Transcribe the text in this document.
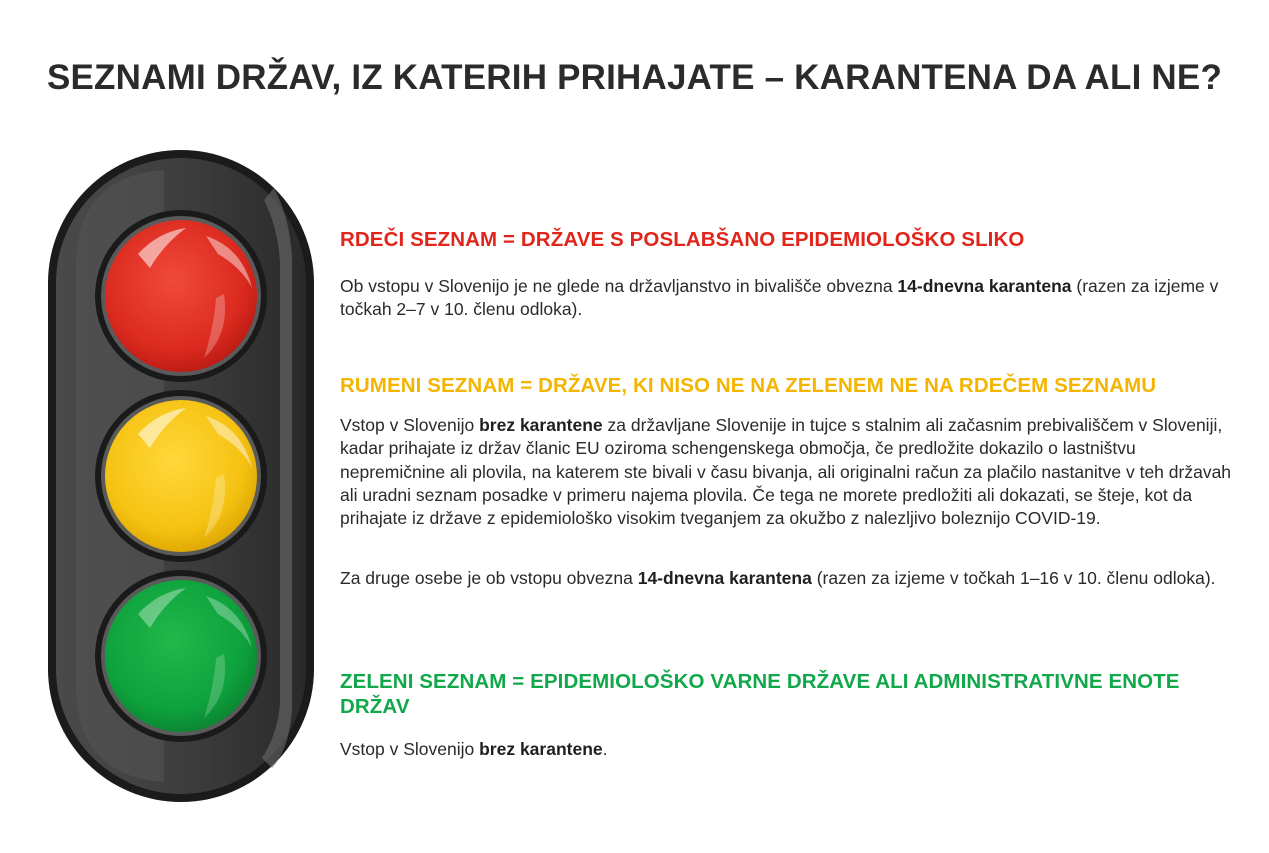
SEZNAMI DRŽAV, IZ KATERIH PRIHAJATE – KARANTENA DA ALI NE?
RDEČI SEZNAM = DRŽAVE S POSLABŠANO EPIDEMIOLOŠKO SLIKO

Ob vstopu v Slovenijo je ne glede na državljanstvo in bivališče obvezna 14-dnevna karantena (razen za izjeme v točkah 2–7 v 10. členu odloka).

RUMENI SEZNAM = DRŽAVE, KI NISO NE NA ZELENEM NE NA RDEČEM SEZNAMU

Vstop v Slovenijo brez karantene za državljane Slovenije in tujce s stalnim ali začasnim prebivališčem v Sloveniji, kadar prihajate iz držav članic EU oziroma schengenskega območja, če predložite dokazilo o lastništvu nepremičnine ali plovila, na katerem ste bivali v času bivanja, ali originalni račun za plačilo nastanitve v teh državah ali uradni seznam posadke v primeru najema plovila. Če tega ne morete predložiti ali dokazati, se šteje, kot da prihajate iz države z epidemiološko visokim tveganjem za okužbo z nalezljivo boleznijo COVID-19.

Za druge osebe je ob vstopu obvezna 14-dnevna karantena (razen za izjeme v točkah 1–16 v 10. členu odloka).

ZELENI SEZNAM = EPIDEMIOLOŠKO VARNE DRŽAVE ALI ADMINISTRATIVNE ENOTE DRŽAV

Vstop v Slovenijo brez karantene.
